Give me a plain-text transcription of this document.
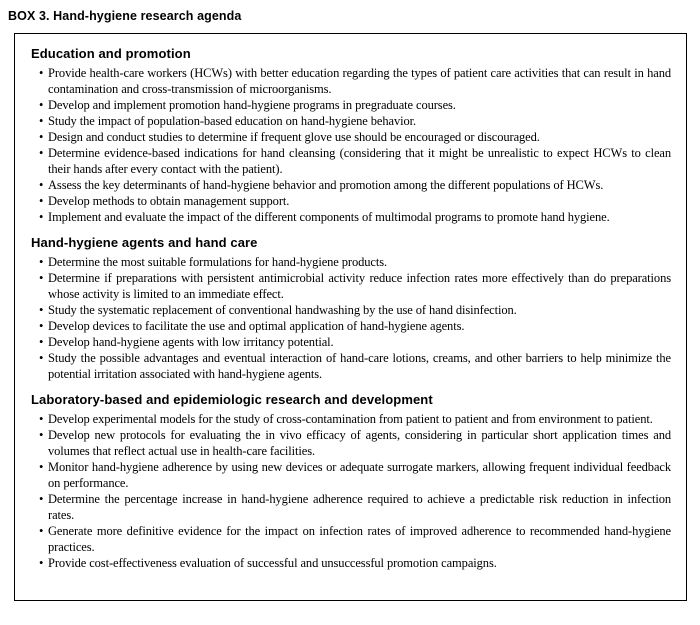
BOX 3. Hand-hygiene research agenda
Education and promotion
• Provide health-care workers (HCWs) with better education regarding the types of patient care activities that can result in hand contamination and cross-transmission of microorganisms.
• Develop and implement promotion hand-hygiene programs in pregraduate courses.
• Study the impact of population-based education on hand-hygiene behavior.
• Design and conduct studies to determine if frequent glove use should be encouraged or discouraged.
• Determine evidence-based indications for hand cleansing (considering that it might be unrealistic to expect HCWs to clean their hands after every contact with the patient).
• Assess the key determinants of hand-hygiene behavior and promotion among the different populations of HCWs.
• Develop methods to obtain management support.
• Implement and evaluate the impact of the different components of multimodal programs to promote hand hygiene.
Hand-hygiene agents and hand care
• Determine the most suitable formulations for hand-hygiene products.
• Determine if preparations with persistent antimicrobial activity reduce infection rates more effectively than do preparations whose activity is limited to an immediate effect.
• Study the systematic replacement of conventional handwashing by the use of hand disinfection.
• Develop devices to facilitate the use and optimal application of hand-hygiene agents.
• Develop hand-hygiene agents with low irritancy potential.
• Study the possible advantages and eventual interaction of hand-care lotions, creams, and other barriers to help minimize the potential irritation associated with hand-hygiene agents.
Laboratory-based and epidemiologic research and development
• Develop experimental models for the study of cross-contamination from patient to patient and from environment to patient.
• Develop new protocols for evaluating the in vivo efficacy of agents, considering in particular short application times and volumes that reflect actual use in health-care facilities.
• Monitor hand-hygiene adherence by using new devices or adequate surrogate markers, allowing frequent individual feedback on performance.
• Determine the percentage increase in hand-hygiene adherence required to achieve a predictable risk reduction in infection rates.
• Generate more definitive evidence for the impact on infection rates of improved adherence to recommended hand-hygiene practices.
• Provide cost-effectiveness evaluation of successful and unsuccessful promotion campaigns.
